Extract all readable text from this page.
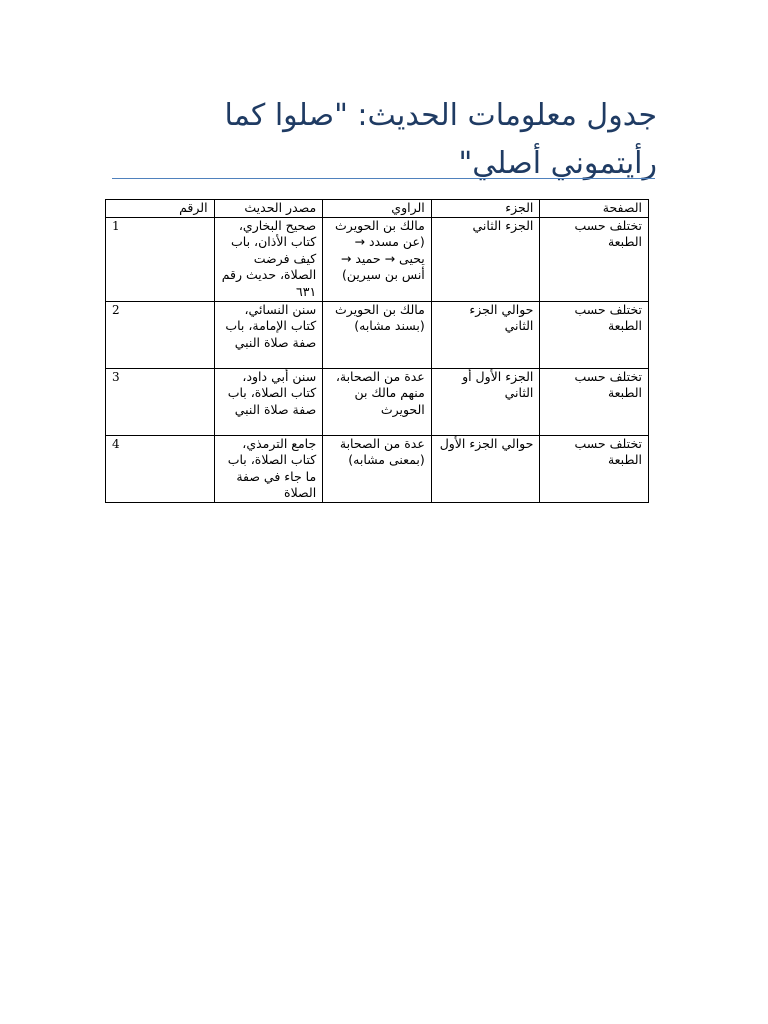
جدول معلومات الحديث: "صلوا كما رأيتموني أصلي"
الرقم	مصدر الحديث	الراوي	الجزء	الصفحة
1	صحيح البخاري، كتاب الأذان، باب كيف فرضت الصلاة، حديث رقم ٦٣١	مالك بن الحويرث (عن مسدد → يحيى → حميد → أنس بن سيرين)	الجزء الثاني	تختلف حسب الطبعة
2	سنن النسائي، كتاب الإمامة، باب صفة صلاة النبي	مالك بن الحويرث (بسند مشابه)	حوالي الجزء الثاني	تختلف حسب الطبعة
3	سنن أبي داود، كتاب الصلاة، باب صفة صلاة النبي	عدة من الصحابة، منهم مالك بن الحويرث	الجزء الأول أو الثاني	تختلف حسب الطبعة
4	جامع الترمذي، كتاب الصلاة، باب ما جاء في صفة الصلاة	عدة من الصحابة (بمعنى مشابه)	حوالي الجزء الأول	تختلف حسب الطبعة
